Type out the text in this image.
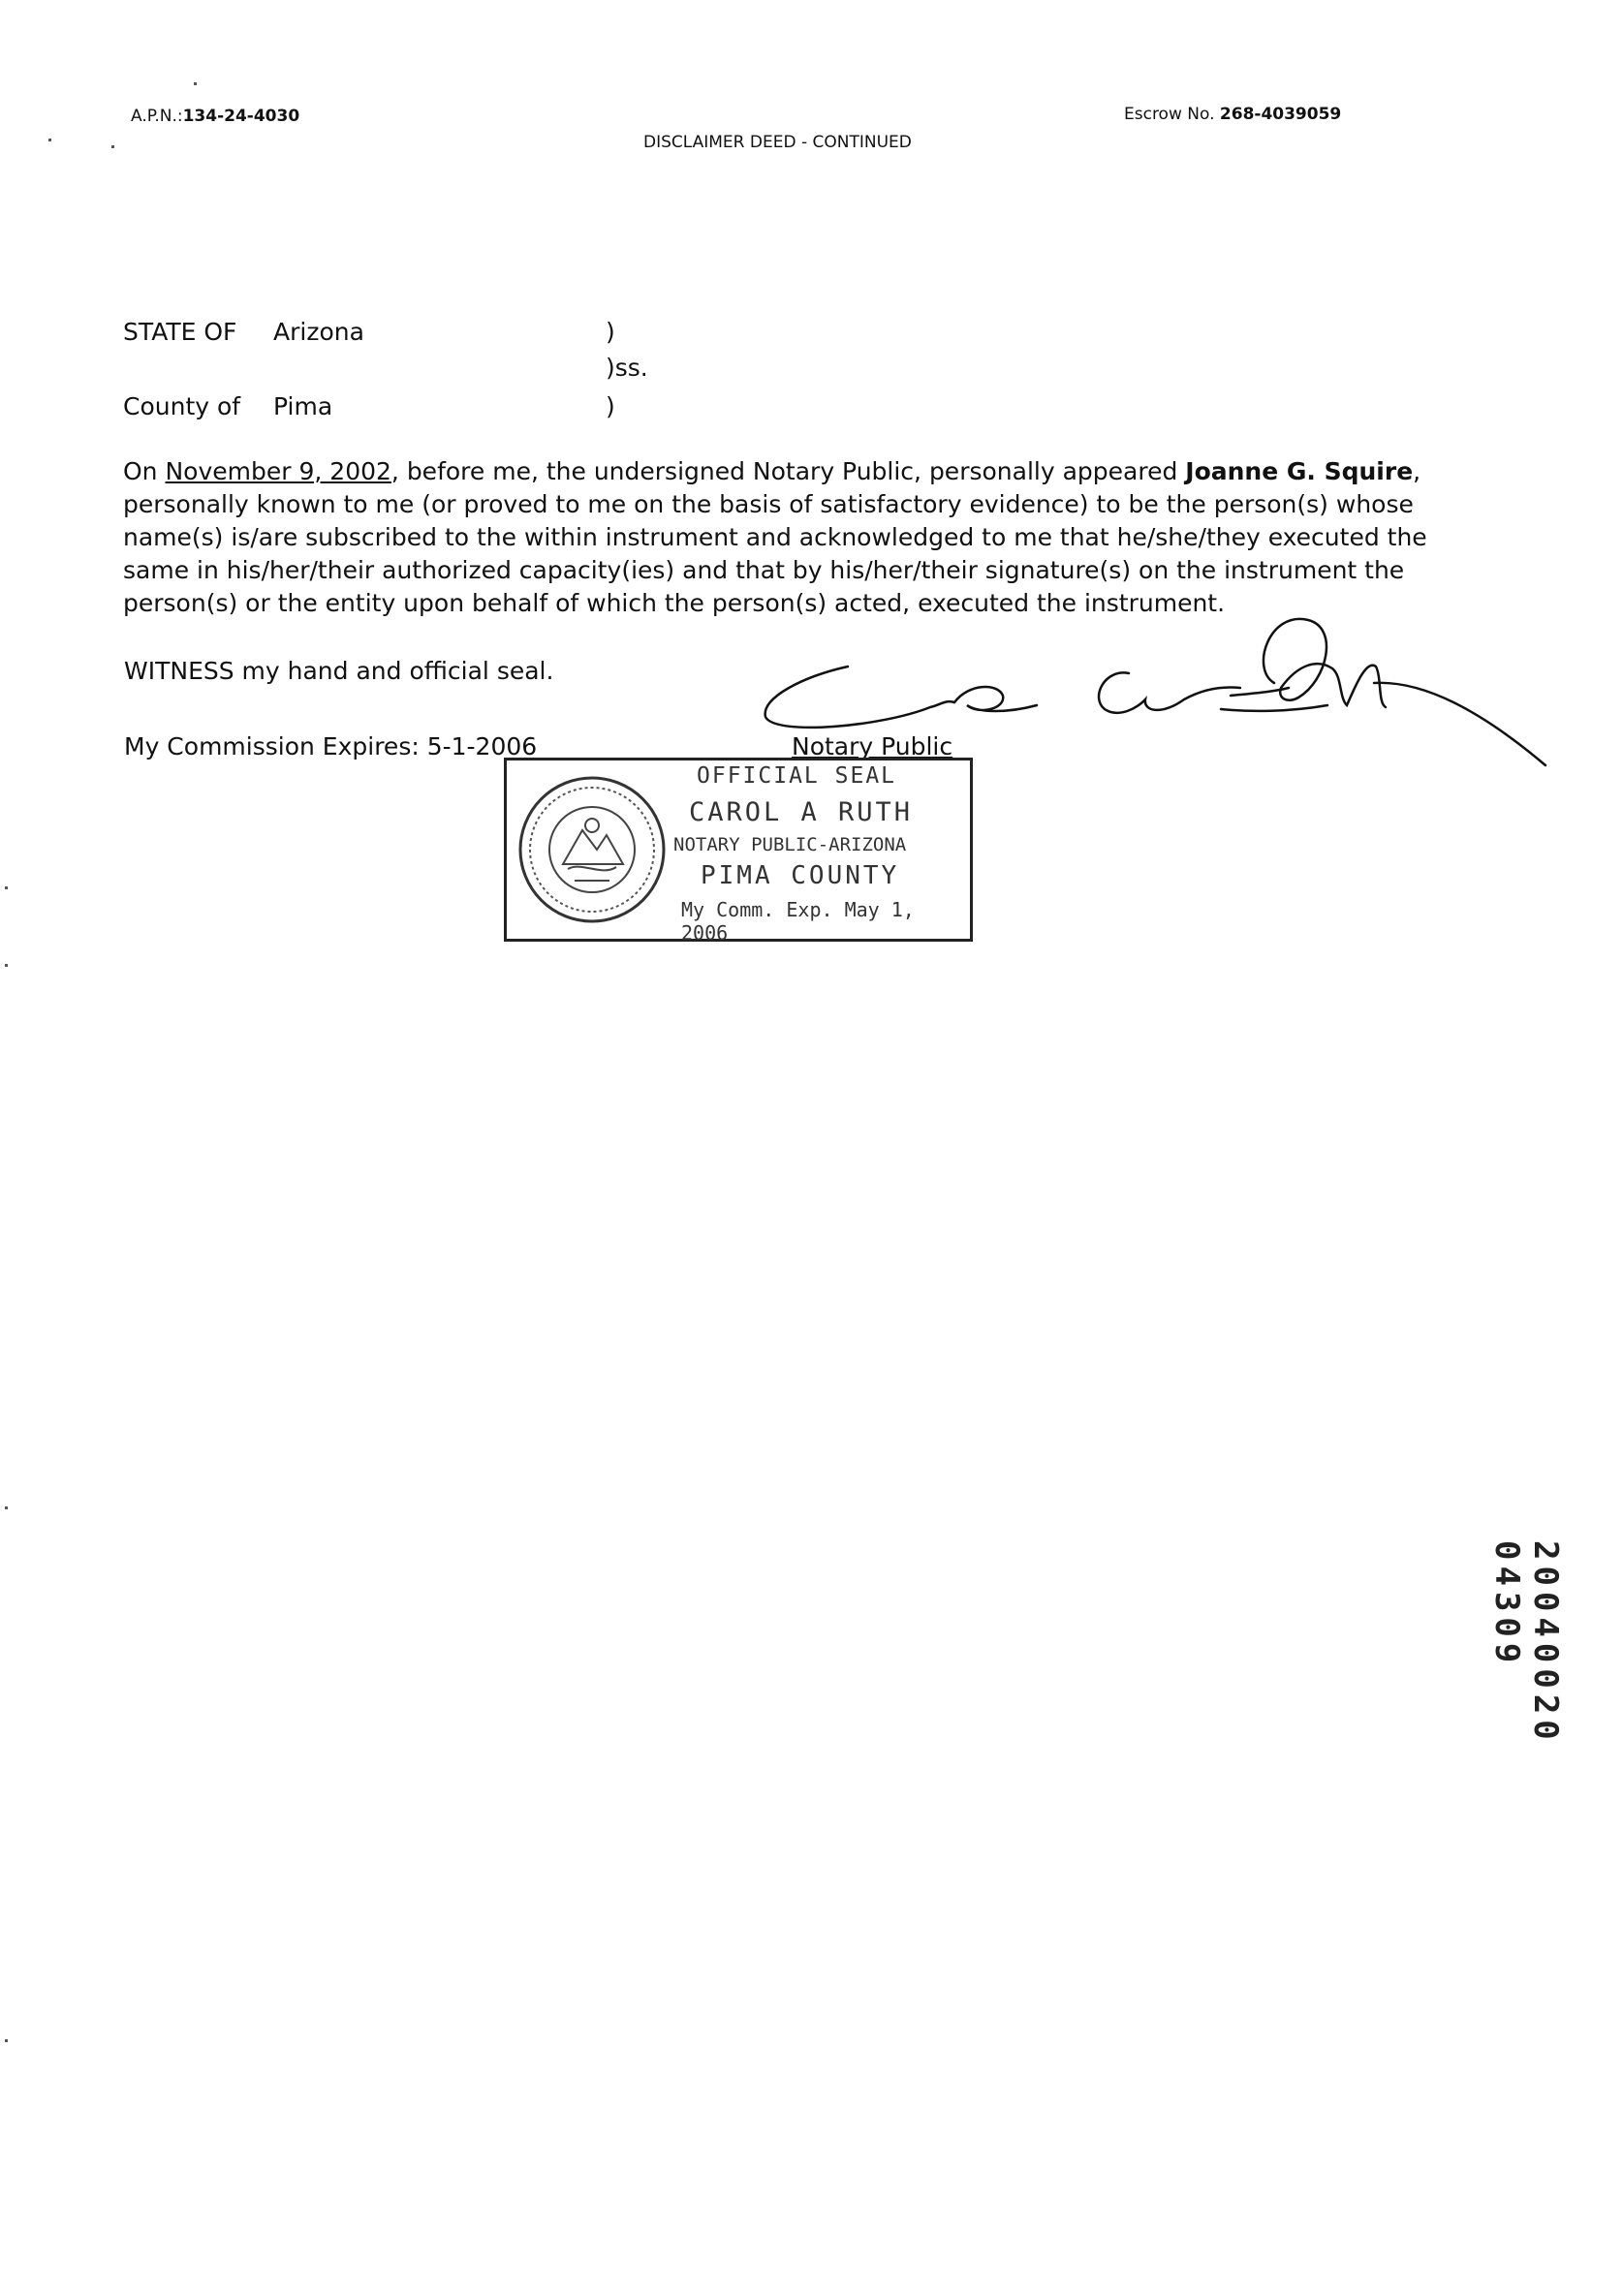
A.P.N.:134-24-4030
DISCLAIMER DEED - CONTINUED
Escrow No. 268-4039059
STATE OF Arizona	)
)ss.
County of Pima	)
On November 9, 2002, before me, the undersigned Notary Public, personally appeared Joanne G. Squire, personally known to me (or proved to me on the basis of satisfactory evidence) to be the person(s) whose name(s) is/are subscribed to the within instrument and acknowledged to me that he/she/they executed the same in his/her/their authorized capacity(ies) and that by his/her/their signature(s) on the instrument the person(s) or the entity upon behalf of which the person(s) acted, executed the instrument.
WITNESS my hand and official seal.
My Commission Expires: 5-1-2006	Notary Public
OFFICIAL SEAL
CAROL A RUTH
NOTARY PUBLIC-ARIZONA
PIMA COUNTY
My Comm. Exp. May 1, 2006
20040020 04309
